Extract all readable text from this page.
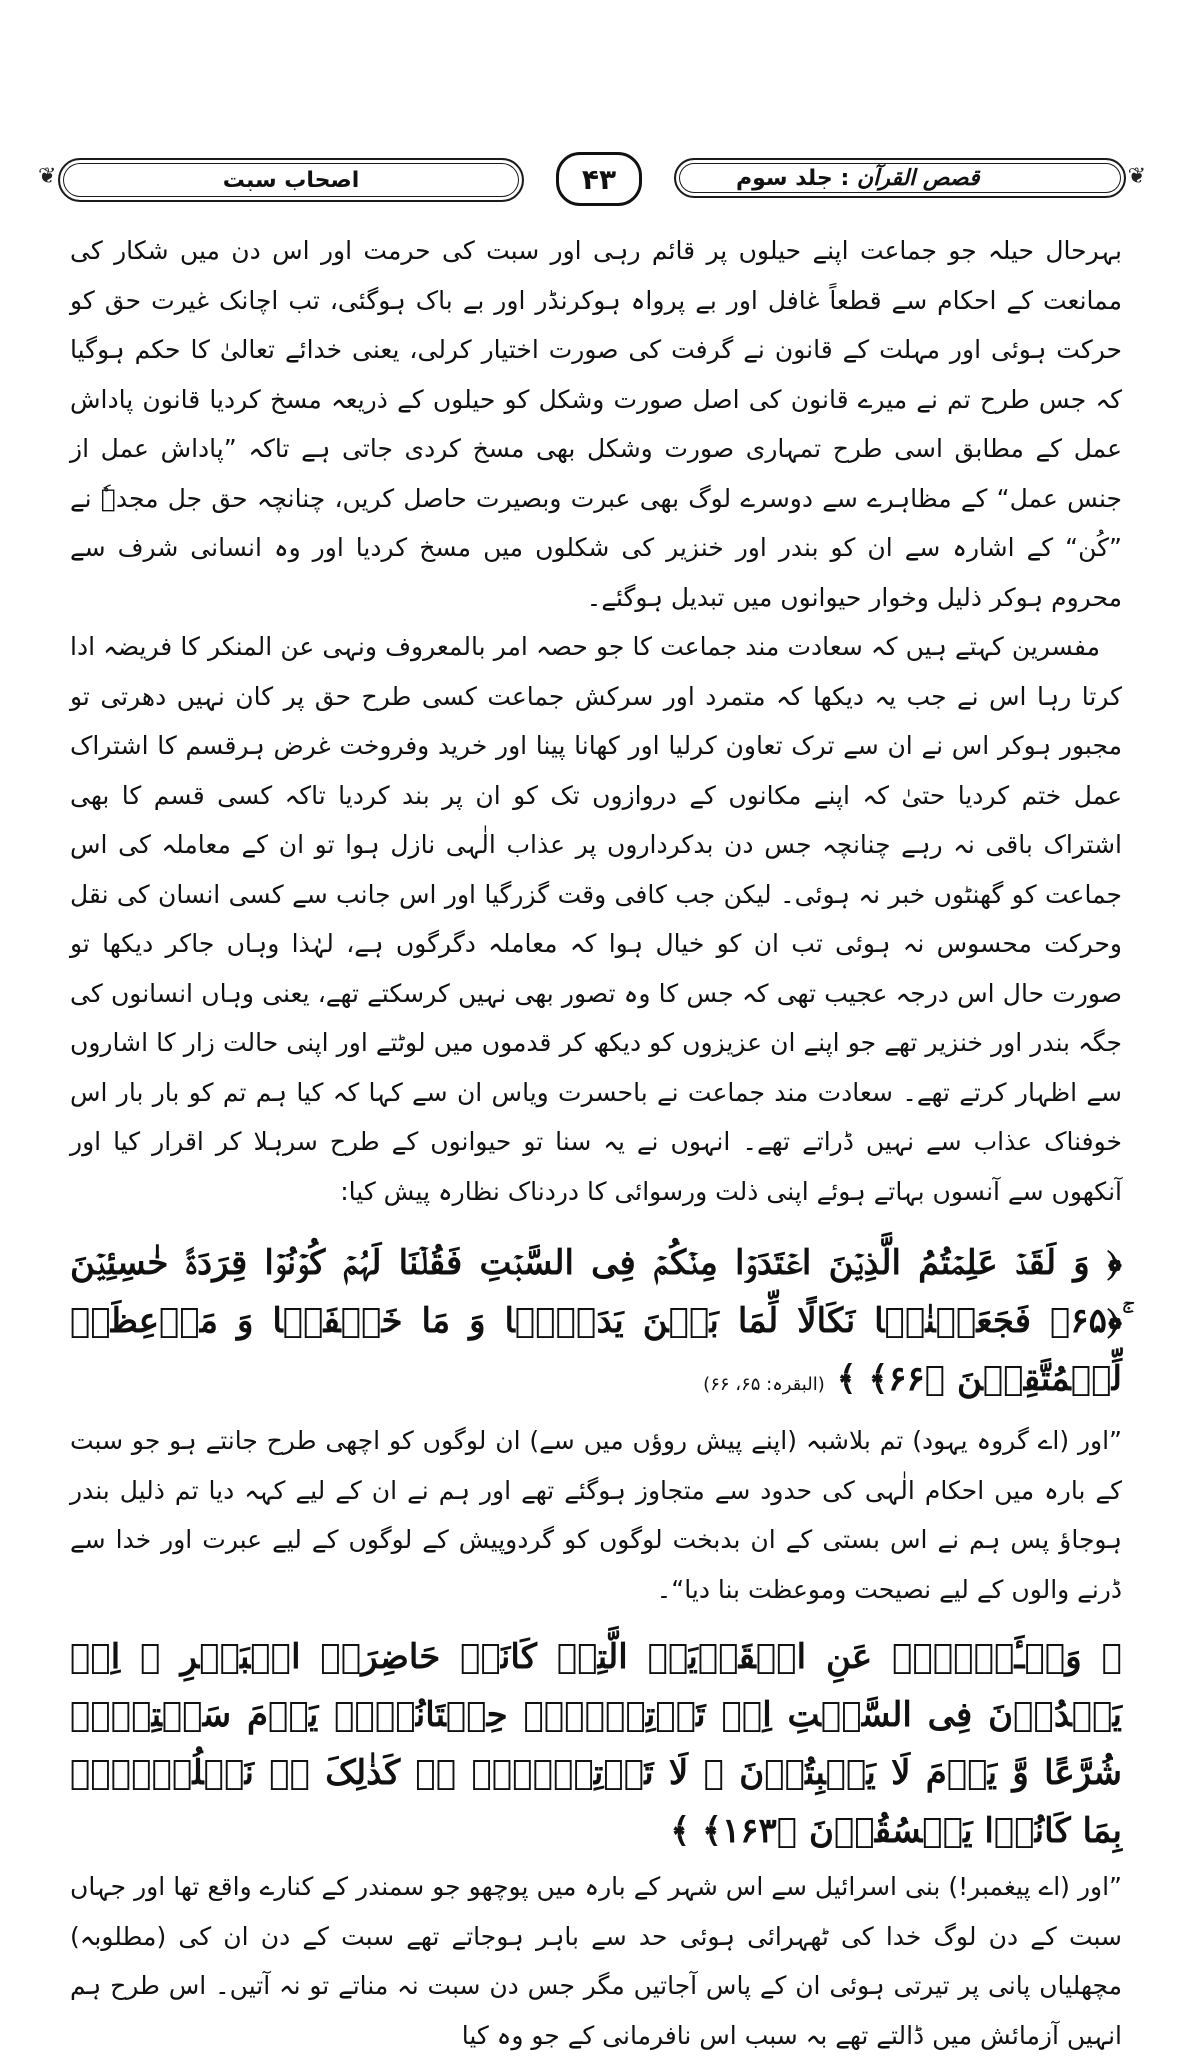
❦	اصحاب سبت	۴۳	قصص القرآن : جلد سوم	❦

بہرحال حیلہ جو جماعت اپنے حیلوں پر قائم رہی اور سبت کی حرمت اور اس دن میں شکار کی ممانعت کے احکام سے قطعاً غافل اور بے پرواہ ہوکرنڈر اور بے باک ہوگئی، تب اچانک غیرت حق کو حرکت ہوئی اور مہلت کے قانون نے گرفت کی صورت اختیار کرلی، یعنی خدائے تعالیٰ کا حکم ہوگیا کہ جس طرح تم نے میرے قانون کی اصل صورت وشکل کو حیلوں کے ذریعہ مسخ کردیا قانون پاداش عمل کے مطابق اسی طرح تمہاری صورت وشکل بھی مسخ کردی جاتی ہے تاکہ ”پاداش عمل از جنس عمل“ کے مظاہرے سے دوسرے لوگ بھی عبرت وبصیرت حاصل کریں، چنانچہ حق جل مجدہٗ نے ”کُن“ کے اشارہ سے ان کو بندر اور خنزیر کی شکلوں میں مسخ کردیا اور وہ انسانی شرف سے محروم ہوکر ذلیل وخوار حیوانوں میں تبدیل ہوگئے۔

مفسرین کہتے ہیں کہ سعادت مند جماعت کا جو حصہ امر بالمعروف ونہی عن المنکر کا فریضہ ادا کرتا رہا اس نے جب یہ دیکھا کہ متمرد اور سرکش جماعت کسی طرح حق پر کان نہیں دھرتی تو مجبور ہوکر اس نے ان سے ترک تعاون کرلیا اور کھانا پینا اور خرید وفروخت غرض ہرقسم کا اشتراک عمل ختم کردیا حتیٰ کہ اپنے مکانوں کے دروازوں تک کو ان پر بند کردیا تاکہ کسی قسم کا بھی اشتراک باقی نہ رہے چنانچہ جس دن بدکرداروں پر عذاب الٰہی نازل ہوا تو ان کے معاملہ کی اس جماعت کو گھنٹوں خبر نہ ہوئی۔ لیکن جب کافی وقت گزرگیا اور اس جانب سے کسی انسان کی نقل وحرکت محسوس نہ ہوئی تب ان کو خیال ہوا کہ معاملہ دگرگوں ہے، لہٰذا وہاں جاکر دیکھا تو صورت حال اس درجہ عجیب تھی کہ جس کا وہ تصور بھی نہیں کرسکتے تھے، یعنی وہاں انسانوں کی جگہ بندر اور خنزیر تھے جو اپنے ان عزیزوں کو دیکھ کر قدموں میں لوٹتے اور اپنی حالت زار کا اشاروں سے اظہار کرتے تھے۔ سعادت مند جماعت نے باحسرت ویاس ان سے کہا کہ کیا ہم تم کو بار بار اس خوفناک عذاب سے نہیں ڈراتے تھے۔ انہوں نے یہ سنا تو حیوانوں کے طرح سرہلا کر اقرار کیا اور آنکھوں سے آنسوں بہاتے ہوئے اپنی ذلت ورسوائی کا دردناک نظارہ پیش کیا:

﴿ وَ لَقَدۡ عَلِمۡتُمُ الَّذِیۡنَ اعۡتَدَوۡا مِنۡکُمۡ فِی السَّبۡتِ فَقُلۡنَا لَہُمۡ کُوۡنُوۡا قِرَدَۃً خٰسِئِیۡنَ ۚ﴿۶۵﴾ فَجَعَلۡنٰہَا نَکَالًا لِّمَا بَیۡنَ یَدَیۡہَا وَ مَا خَلۡفَہَا وَ مَوۡعِظَۃً لِّلۡمُتَّقِیۡنَ ﴿۶۶﴾ ﴾ (البقرہ: ۶۵، ۶۶)

”اور (اے گروہ یہود) تم بلاشبہ (اپنے پیش روؤں میں سے) ان لوگوں کو اچھی طرح جانتے ہو جو سبت کے بارہ میں احکام الٰہی کی حدود سے متجاوز ہوگئے تھے اور ہم نے ان کے لیے کہہ دیا تم ذلیل بندر ہوجاؤ پس ہم نے اس بستی کے ان بدبخت لوگوں کو گردوپیش کے لوگوں کے لیے عبرت اور خدا سے ڈرنے والوں کے لیے نصیحت وموعظت بنا دیا“۔

﴿ وَسۡـَٔلۡہُمۡ عَنِ الۡقَرۡیَۃِ الَّتِیۡ کَانَتۡ حَاضِرَۃَ الۡبَحۡرِ ۘ اِذۡ یَعۡدُوۡنَ فِی السَّبۡتِ اِذۡ تَاۡتِیۡہِمۡ حِیۡتَانُہُمۡ یَوۡمَ سَبۡتِہِمۡ شُرَّعًا وَّ یَوۡمَ لَا یَسۡبِتُوۡنَ ۙ لَا تَاۡتِیۡہِمۡ ۚۛ کَذٰلِکَ ۚۛ نَبۡلُوۡہُمۡ بِمَا کَانُوۡا یَفۡسُقُوۡنَ ﴿۱۶۳﴾ ﴾

”اور (اے پیغمبر!) بنی اسرائیل سے اس شہر کے بارہ میں پوچھو جو سمندر کے کنارے واقع تھا اور جہاں سبت کے دن لوگ خدا کی ٹھہرائی ہوئی حد سے باہر ہوجاتے تھے سبت کے دن ان کی (مطلوبہ) مچھلیاں پانی پر تیرتی ہوئی ان کے پاس آجاتیں مگر جس دن سبت نہ مناتے تو نہ آتیں۔ اس طرح ہم انہیں آزمائش میں ڈالتے تھے بہ سبب اس نافرمانی کے جو وہ کیا
